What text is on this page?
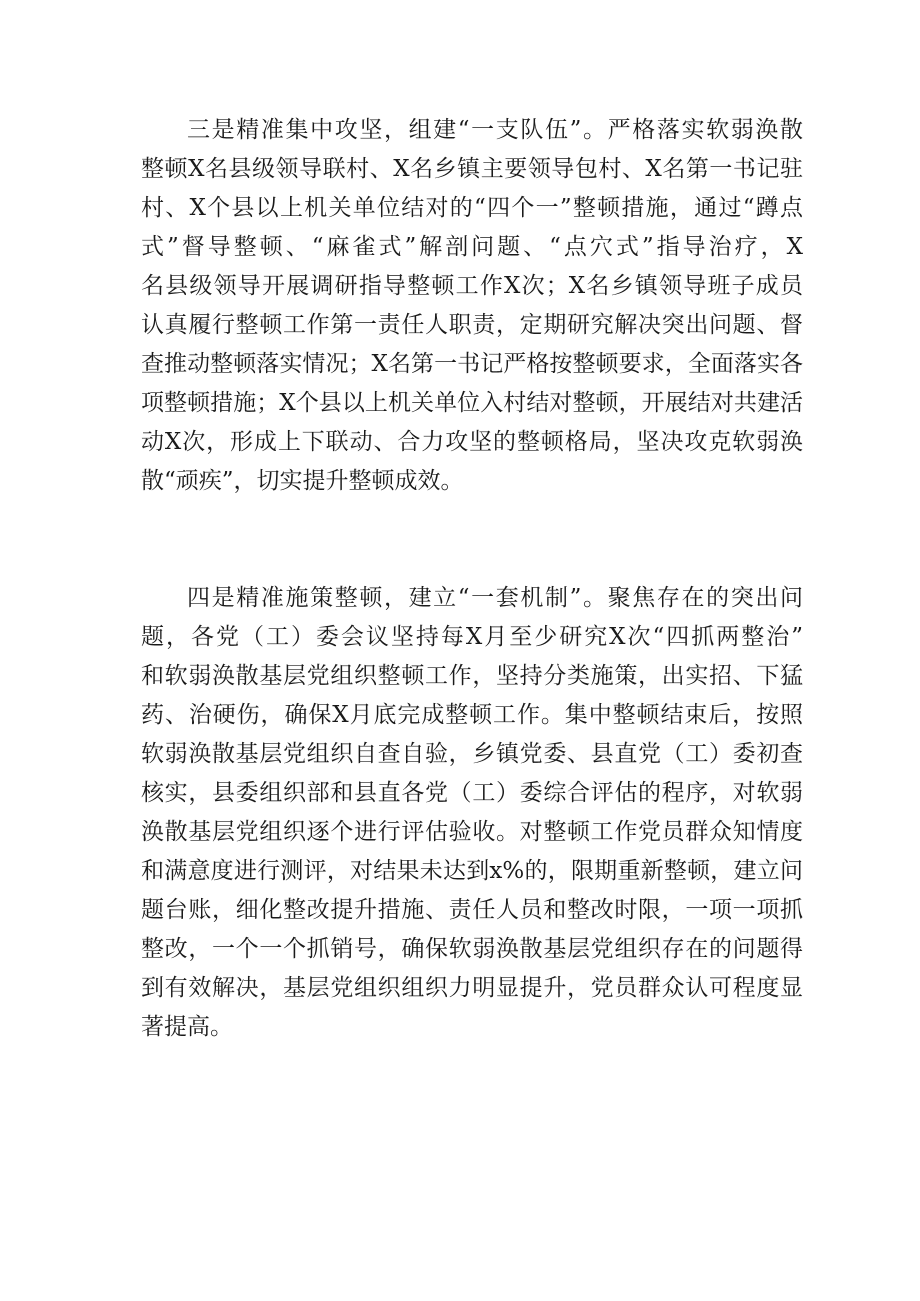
三是精准集中攻坚，组建“一支队伍”。严格落实软弱涣散
整顿X名县级领导联村、X名乡镇主要领导包村、X名第一书记驻
村、X个县以上机关单位结对的“四个一”整顿措施，通过“蹲点
式”督导整顿、“麻雀式”解剖问题、“点穴式”指导治疗，X
名县级领导开展调研指导整顿工作X次；X名乡镇领导班子成员
认真履行整顿工作第一责任人职责，定期研究解决突出问题、督
查推动整顿落实情况；X名第一书记严格按整顿要求，全面落实各
项整顿措施；X个县以上机关单位入村结对整顿，开展结对共建活
动X次，形成上下联动、合力攻坚的整顿格局，坚决攻克软弱涣
散“顽疾”，切实提升整顿成效。
四是精准施策整顿，建立“一套机制”。聚焦存在的突出问
题，各党（工）委会议坚持每X月至少研究X次“四抓两整治”
和软弱涣散基层党组织整顿工作，坚持分类施策，出实招、下猛
药、治硬伤，确保X月底完成整顿工作。集中整顿结束后，按照
软弱涣散基层党组织自查自验，乡镇党委、县直党（工）委初查
核实，县委组织部和县直各党（工）委综合评估的程序，对软弱
涣散基层党组织逐个进行评估验收。对整顿工作党员群众知情度
和满意度进行测评，对结果未达到x%的，限期重新整顿，建立问
题台账，细化整改提升措施、责任人员和整改时限，一项一项抓
整改，一个一个抓销号，确保软弱涣散基层党组织存在的问题得
到有效解决，基层党组织组织力明显提升，党员群众认可程度显
著提高。
